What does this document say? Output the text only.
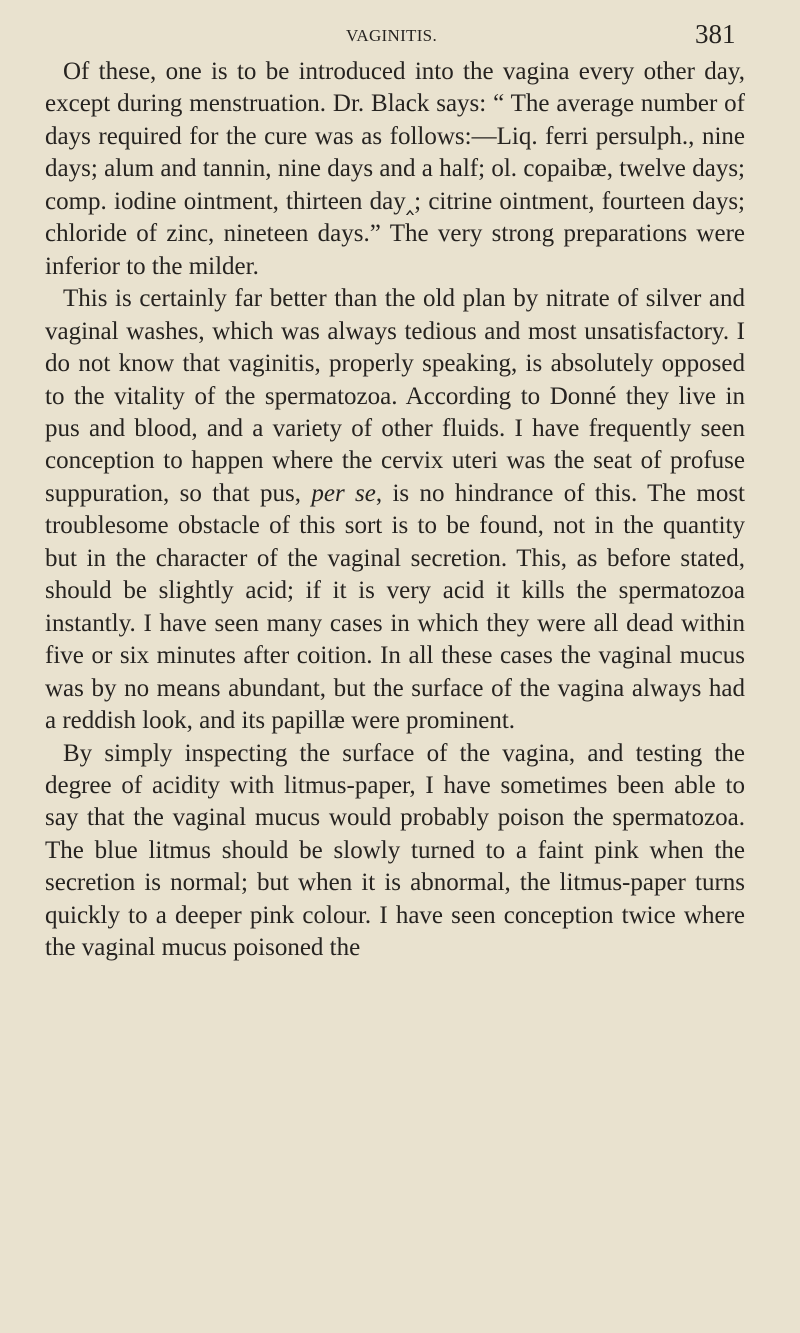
VAGINITIS.	381

Of these, one is to be introduced into the vagina every other day, except during menstruation. Dr. Black says: “ The average number of days required for the cure was as follows:—Liq. ferri persulph., nine days; alum and tannin, nine days and a half; ol. copaibæ, twelve days; comp. iodine ointment, thirteen day‸; citrine ointment, fourteen days; chloride of zinc, nineteen days.” The very strong preparations were inferior to the milder.

This is certainly far better than the old plan by nitrate of silver and vaginal washes, which was always tedious and most unsatisfactory. I do not know that vaginitis, properly speaking, is absolutely opposed to the vitality of the spermatozoa. According to Donné they live in pus and blood, and a variety of other fluids. I have frequently seen conception to happen where the cervix uteri was the seat of profuse suppuration, so that pus, per se, is no hindrance of this. The most troublesome obstacle of this sort is to be found, not in the quantity but in the character of the vaginal secretion. This, as before stated, should be slightly acid; if it is very acid it kills the spermatozoa instantly. I have seen many cases in which they were all dead within five or six minutes after coition. In all these cases the vaginal mucus was by no means abundant, but the surface of the vagina always had a reddish look, and its papillæ were prominent.

By simply inspecting the surface of the vagina, and testing the degree of acidity with litmus-paper, I have sometimes been able to say that the vaginal mucus would probably poison the spermatozoa. The blue litmus should be slowly turned to a faint pink when the secretion is normal; but when it is abnormal, the litmus-paper turns quickly to a deeper pink colour. I have seen conception twice where the vaginal mucus poisoned the
